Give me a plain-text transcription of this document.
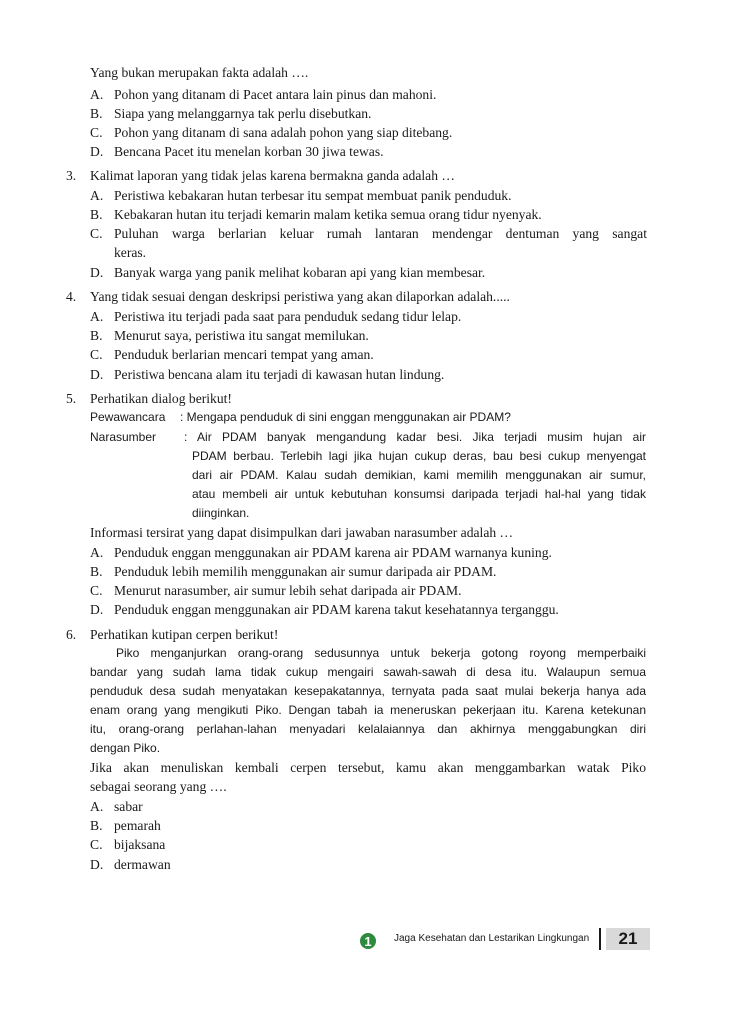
Yang bukan merupakan fakta adalah ….
A. Pohon yang ditanam di Pacet antara lain pinus dan mahoni.
B. Siapa yang melanggarnya tak perlu disebutkan.
C. Pohon yang ditanam di sana adalah pohon yang siap ditebang.
D. Bencana Pacet itu menelan korban 30 jiwa tewas.
3. Kalimat laporan yang tidak jelas karena bermakna ganda adalah …
A. Peristiwa kebakaran hutan terbesar itu sempat membuat panik penduduk.
B. Kebakaran hutan itu terjadi kemarin malam ketika semua orang tidur nyenyak.
C. Puluhan warga berlarian keluar rumah lantaran mendengar dentuman yang sangat
keras.
D. Banyak warga yang panik melihat kobaran api yang kian membesar.
4. Yang tidak sesuai dengan deskripsi peristiwa yang akan dilaporkan adalah.....
A. Peristiwa itu terjadi pada saat para penduduk sedang tidur lelap.
B. Menurut saya, peristiwa itu sangat memilukan.
C. Penduduk berlarian mencari tempat yang aman.
D. Peristiwa bencana alam itu terjadi di kawasan hutan lindung.
5. Perhatikan dialog berikut!
Pewawancara : Mengapa penduduk di sini enggan menggunakan air PDAM?
Narasumber : Air PDAM banyak mengandung kadar besi. Jika terjadi musim hujan air
PDAM berbau. Terlebih lagi jika hujan cukup deras, bau besi cukup menyengat
dari air PDAM. Kalau sudah demikian, kami memilih menggunakan air sumur,
atau membeli air untuk kebutuhan konsumsi daripada terjadi hal-hal yang tidak
diinginkan.
Informasi tersirat yang dapat disimpulkan dari jawaban narasumber adalah …
A. Penduduk enggan menggunakan air PDAM karena air PDAM warnanya kuning.
B. Penduduk lebih memilih menggunakan air sumur daripada air PDAM.
C. Menurut narasumber, air sumur lebih sehat daripada air PDAM.
D. Penduduk enggan menggunakan air PDAM karena takut kesehatannya terganggu.
6. Perhatikan kutipan cerpen berikut!
Piko menganjurkan orang-orang sedusunnya untuk bekerja gotong royong memperbaiki
bandar yang sudah lama tidak cukup mengairi sawah-sawah di desa itu. Walaupun semua
penduduk desa sudah menyatakan kesepakatannya, ternyata pada saat mulai bekerja hanya ada
enam orang yang mengikuti Piko. Dengan tabah ia meneruskan pekerjaan itu. Karena ketekunan
itu, orang-orang perlahan-lahan menyadari kelalaiannya dan akhirnya menggabungkan diri
dengan Piko.
Jika akan menuliskan kembali cerpen tersebut, kamu akan menggambarkan watak Piko
sebagai seorang yang ….
A. sabar
B. pemarah
C. bijaksana
D. dermawan
1 Jaga Kesehatan dan Lestarikan Lingkungan	21
